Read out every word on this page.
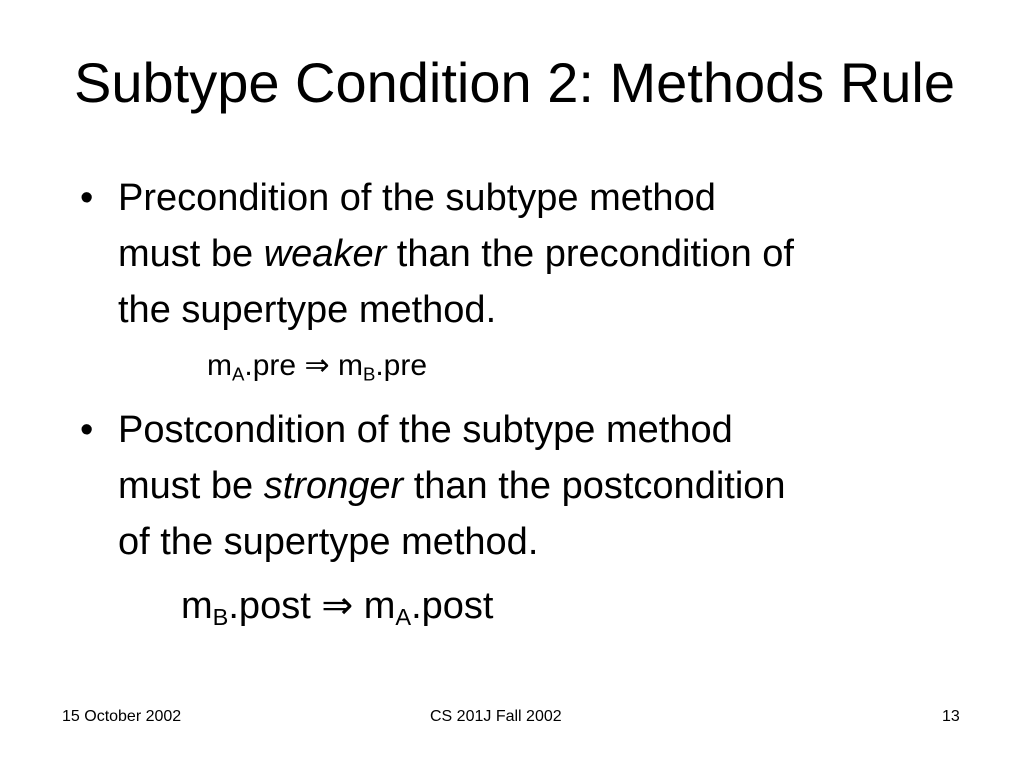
Subtype Condition 2: Methods Rule
• Precondition of the subtype method
must be weaker than the precondition of
the supertype method.
$m_A.pre$ ⇒ $m_B.pre$
• Postcondition of the subtype method
must be stronger than the postcondition
of the supertype method.
$m_B.post$ ⇒ $m_A.post$
15 October 2002	CS 201J Fall 2002	13
